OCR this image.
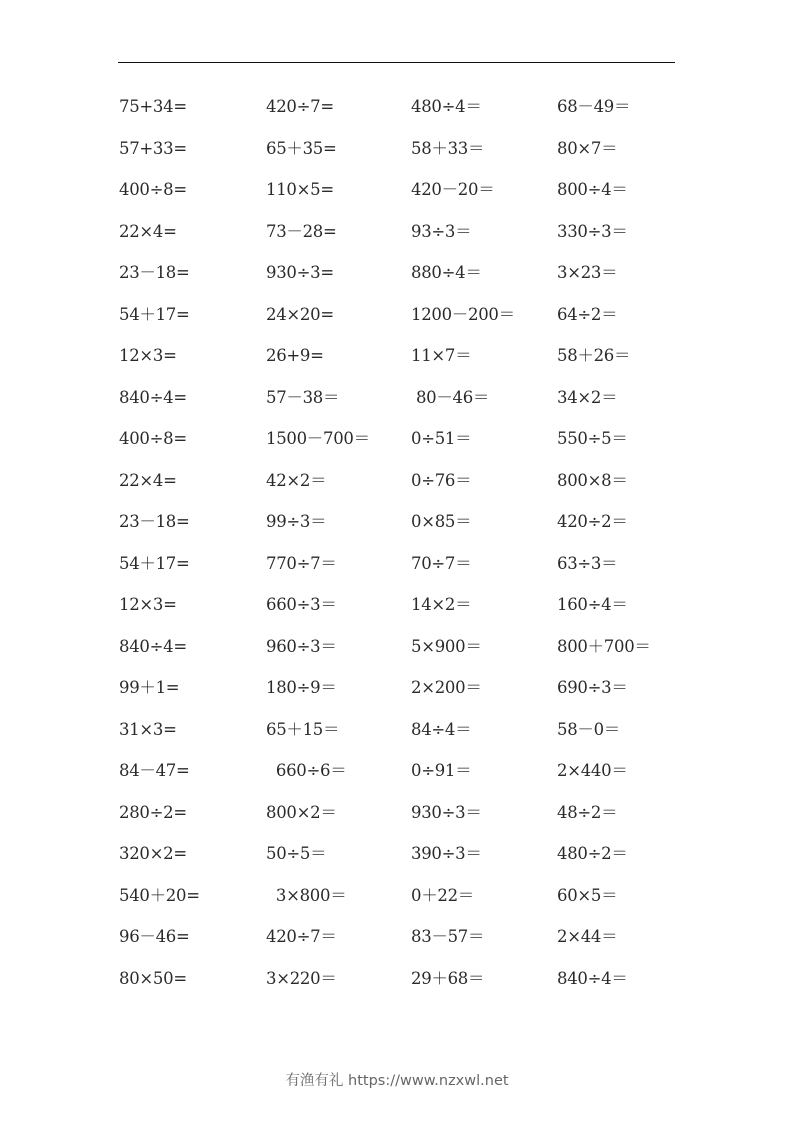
75+34=	420÷7=	480÷4＝	68－49＝
57+33=	65＋35=	58＋33＝	80×7＝
400÷8=	110×5=	420－20＝	800÷4＝
22×4=	73－28=	93÷3＝	330÷3＝
23－18=	930÷3=	880÷4＝	3×23＝
54＋17=	24×20=	1200－200＝	64÷2＝
12×3=	26+9=	11×7＝	58＋26＝
840÷4=	57－38＝	80－46＝	34×2＝
400÷8=	1500－700＝ 0÷51＝	550÷5＝
22×4=	42×2＝	0÷76＝	800×8＝
23－18=	99÷3＝	0×85＝	420÷2＝
54＋17=	770÷7＝	70÷7＝	63÷3＝
12×3=	660÷3＝	14×2＝	160÷4＝
840÷4=	960÷3＝	5×900＝	800＋700＝
99＋1=	180÷9＝	2×200＝	690÷3＝
31×3=	65＋15＝	84÷4＝	58－0＝
84－47=	660÷6＝	0÷91＝	2×440＝
280÷2=	800×2＝	930÷3＝	48÷2＝
320×2=	50÷5＝	390÷3＝	480÷2＝
540＋20=	3×800＝	0＋22＝	60×5＝
96－46=	420÷7＝	83－57＝	2×44＝
80×50=	3×220＝	29＋68＝	840÷4＝
有渔有礼 https://www.nzxwl.net
